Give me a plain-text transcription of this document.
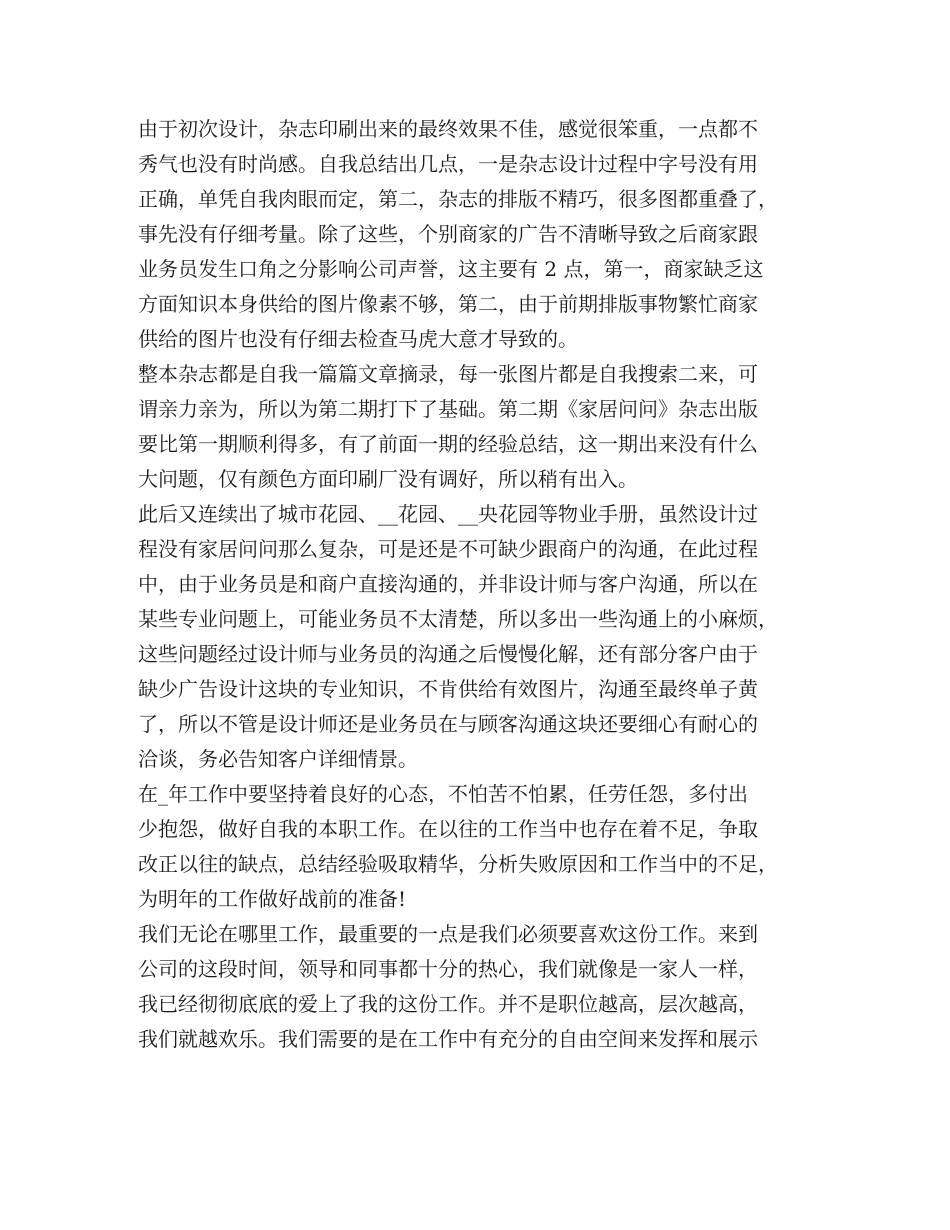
由于初次设计，杂志印刷出来的最终效果不佳，感觉很笨重，一点都不
秀气也没有时尚感。自我总结出几点，一是杂志设计过程中字号没有用
正确，单凭自我肉眼而定，第二，杂志的排版不精巧，很多图都重叠了，
事先没有仔细考量。除了这些，个别商家的广告不清晰导致之后商家跟
业务员发生口角之分影响公司声誉，这主要有 2 点，第一，商家缺乏这
方面知识本身供给的图片像素不够，第二，由于前期排版事物繁忙商家
供给的图片也没有仔细去检查马虎大意才导致的。
整本杂志都是自我一篇篇文章摘录，每一张图片都是自我搜索二来，可
谓亲力亲为，所以为第二期打下了基础。第二期《家居问问》杂志出版
要比第一期顺利得多，有了前面一期的经验总结，这一期出来没有什么
大问题，仅有颜色方面印刷厂没有调好，所以稍有出入。
此后又连续出了城市花园、__花园、__央花园等物业手册，虽然设计过
程没有家居问问那么复杂，可是还是不可缺少跟商户的沟通，在此过程
中，由于业务员是和商户直接沟通的，并非设计师与客户沟通，所以在
某些专业问题上，可能业务员不太清楚，所以多出一些沟通上的小麻烦，
这些问题经过设计师与业务员的沟通之后慢慢化解，还有部分客户由于
缺少广告设计这块的专业知识，不肯供给有效图片，沟通至最终单子黄
了，所以不管是设计师还是业务员在与顾客沟通这块还要细心有耐心的
洽谈，务必告知客户详细情景。
在_年工作中要坚持着良好的心态，不怕苦不怕累，任劳任怨，多付出
少抱怨，做好自我的本职工作。在以往的工作当中也存在着不足，争取
改正以往的缺点，总结经验吸取精华，分析失败原因和工作当中的不足，
为明年的工作做好战前的准备!
我们无论在哪里工作，最重要的一点是我们必须要喜欢这份工作。来到
公司的这段时间，领导和同事都十分的热心，我们就像是一家人一样，
我已经彻彻底底的爱上了我的这份工作。并不是职位越高，层次越高，
我们就越欢乐。我们需要的是在工作中有充分的自由空间来发挥和展示
